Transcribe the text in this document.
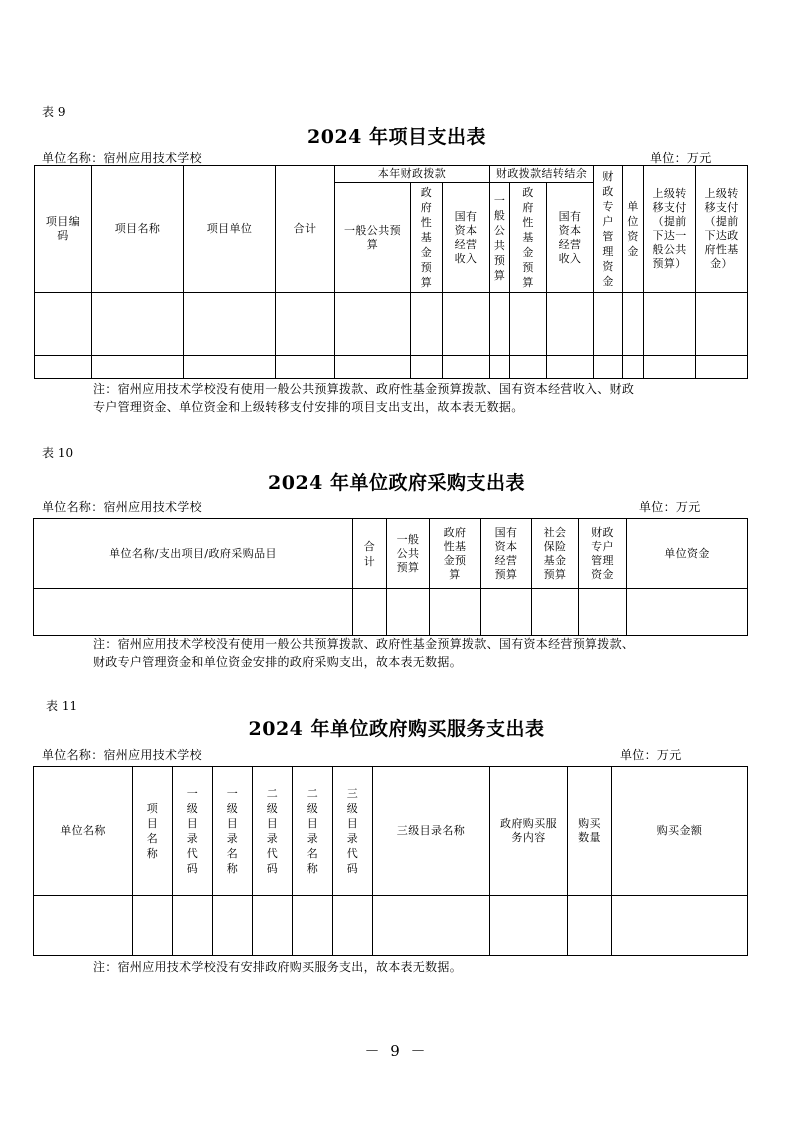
表 9
2024 年项目支出表
单位名称：宿州应用技术学校	单位：万元
项目编码	项目名称	项目单位	合计	本年财政拨款			财政拨款结转结余			财政专户管理资金	单位资金	上级转移支付（提前下达一般公共预算）	上级转移支付（提前下达政府性基金）
				一般公共预算	政府性基金预算	国有资本经营收入	一般公共预算	政府性基金预算	国有资本经营收入				

注：宿州应用技术学校没有使用一般公共预算拨款、政府性基金预算拨款、国有资本经营收入、财政
专户管理资金、单位资金和上级转移支付安排的项目支出支出，故本表无数据。
表 10
2024 年单位政府采购支出表
单位名称：宿州应用技术学校	单位：万元
单位名称/支出项目/政府采购品目	合计	一般公共预算	政府性基金预算	国有资本经营预算	社会保险基金预算	财政专户管理资金	单位资金

注：宿州应用技术学校没有使用一般公共预算拨款、政府性基金预算拨款、国有资本经营预算拨款、
财政专户管理资金和单位资金安排的政府采购支出，故本表无数据。
表 11
2024 年单位政府购买服务支出表
单位名称：宿州应用技术学校	单位：万元
单位名称	项目名称	一级目录代码	一级目录名称	二级目录代码	二级目录名称	三级目录代码	三级目录名称	政府购买服务内容	购买数量	购买金额

注：宿州应用技术学校没有安排政府购买服务支出，故本表无数据。
－ 9 －
